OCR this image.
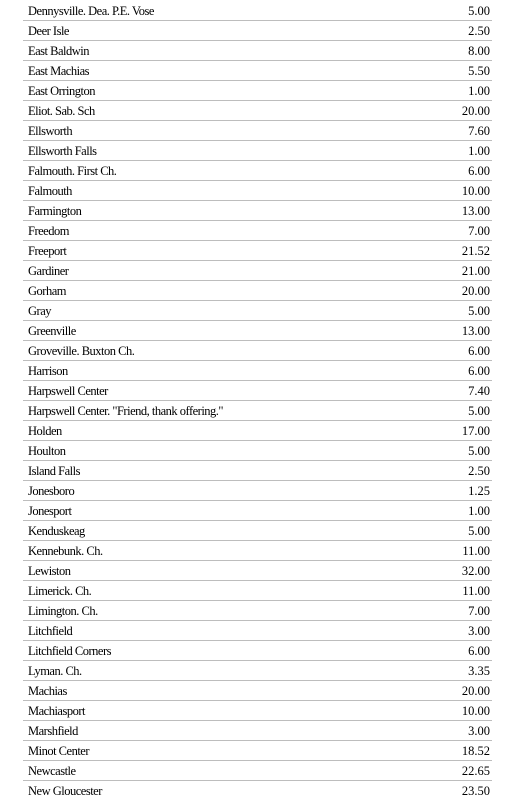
Dennysville. Dea. P.E. Vose	5.00
Deer Isle	2.50
East Baldwin	8.00
East Machias	5.50
East Orrington	1.00
Eliot. Sab. Sch	20.00
Ellsworth	7.60
Ellsworth Falls	1.00
Falmouth. First Ch.	6.00
Falmouth	10.00
Farmington	13.00
Freedom	7.00
Freeport	21.52
Gardiner	21.00
Gorham	20.00
Gray	5.00
Greenville	13.00
Groveville. Buxton Ch.	6.00
Harrison	6.00
Harpswell Center	7.40
Harpswell Center. "Friend, thank offering."	5.00
Holden	17.00
Houlton	5.00
Island Falls	2.50
Jonesboro	1.25
Jonesport	1.00
Kenduskeag	5.00
Kennebunk. Ch.	11.00
Lewiston	32.00
Limerick. Ch.	11.00
Limington. Ch.	7.00
Litchfield	3.00
Litchfield Corners	6.00
Lyman. Ch.	3.35
Machias	20.00
Machiasport	10.00
Marshfield	3.00
Minot Center	18.52
Newcastle	22.65
New Gloucester	23.50
